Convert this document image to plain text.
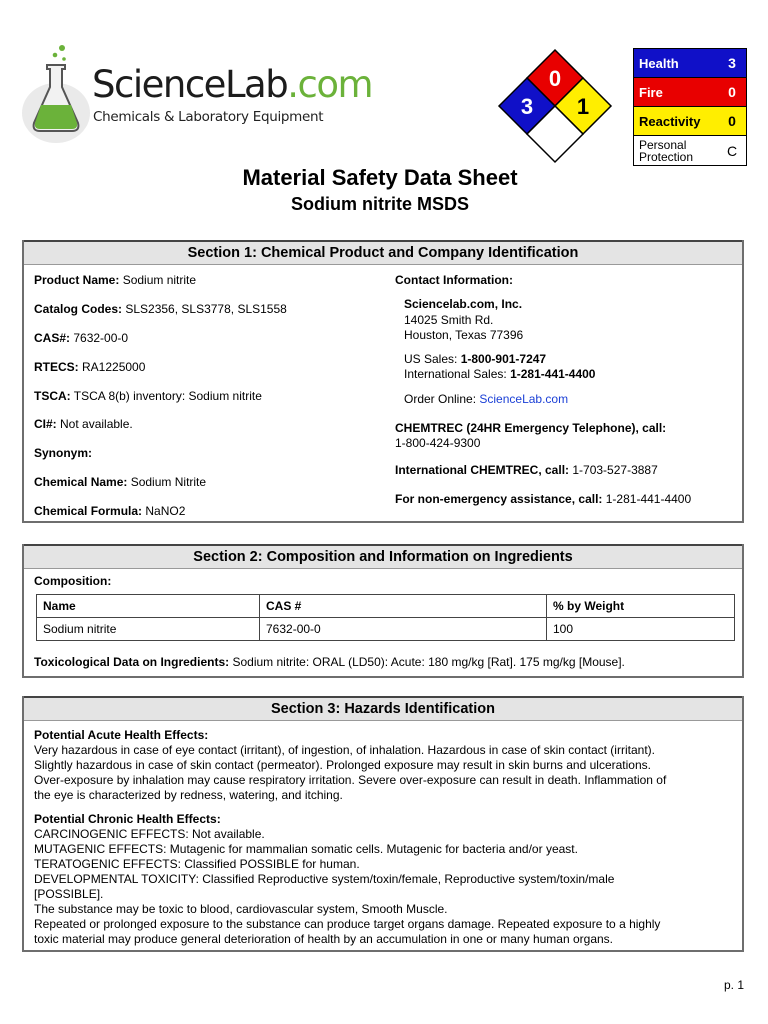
ScienceLab.com
Chemicals & Laboratory Equipment
0
3 1
Health	3
Fire	0
Reactivity	0
Personal
Protection	C
Material Safety Data Sheet
Sodium nitrite MSDS
Section 1: Chemical Product and Company Identification
Product Name: Sodium nitrite
Catalog Codes: SLS2356, SLS3778, SLS1558
CAS#: 7632-00-0
RTECS: RA1225000
TSCA: TSCA 8(b) inventory: Sodium nitrite
CI#: Not available.
Synonym:
Chemical Name: Sodium Nitrite
Chemical Formula: NaNO2
Contact Information:
Sciencelab.com, Inc.
14025 Smith Rd.
Houston, Texas 77396
US Sales: 1-800-901-7247
International Sales: 1-281-441-4400
Order Online: ScienceLab.com
CHEMTREC (24HR Emergency Telephone), call:
1-800-424-9300
International CHEMTREC, call: 1-703-527-3887
For non-emergency assistance, call: 1-281-441-4400
Section 2: Composition and Information on Ingredients
Composition:
Name	CAS #	% by Weight
Sodium nitrite	7632-00-0	100
Toxicological Data on Ingredients: Sodium nitrite: ORAL (LD50): Acute: 180 mg/kg [Rat]. 175 mg/kg [Mouse].
Section 3: Hazards Identification
Potential Acute Health Effects:
Very hazardous in case of eye contact (irritant), of ingestion, of inhalation. Hazardous in case of skin contact (irritant).
Slightly hazardous in case of skin contact (permeator). Prolonged exposure may result in skin burns and ulcerations.
Over-exposure by inhalation may cause respiratory irritation. Severe over-exposure can result in death. Inflammation of
the eye is characterized by redness, watering, and itching.
Potential Chronic Health Effects:
CARCINOGENIC EFFECTS: Not available.
MUTAGENIC EFFECTS: Mutagenic for mammalian somatic cells. Mutagenic for bacteria and/or yeast.
TERATOGENIC EFFECTS: Classified POSSIBLE for human.
DEVELOPMENTAL TOXICITY: Classified Reproductive system/toxin/female, Reproductive system/toxin/male
[POSSIBLE].
The substance may be toxic to blood, cardiovascular system, Smooth Muscle.
Repeated or prolonged exposure to the substance can produce target organs damage. Repeated exposure to a highly
toxic material may produce general deterioration of health by an accumulation in one or many human organs.
p. 1
